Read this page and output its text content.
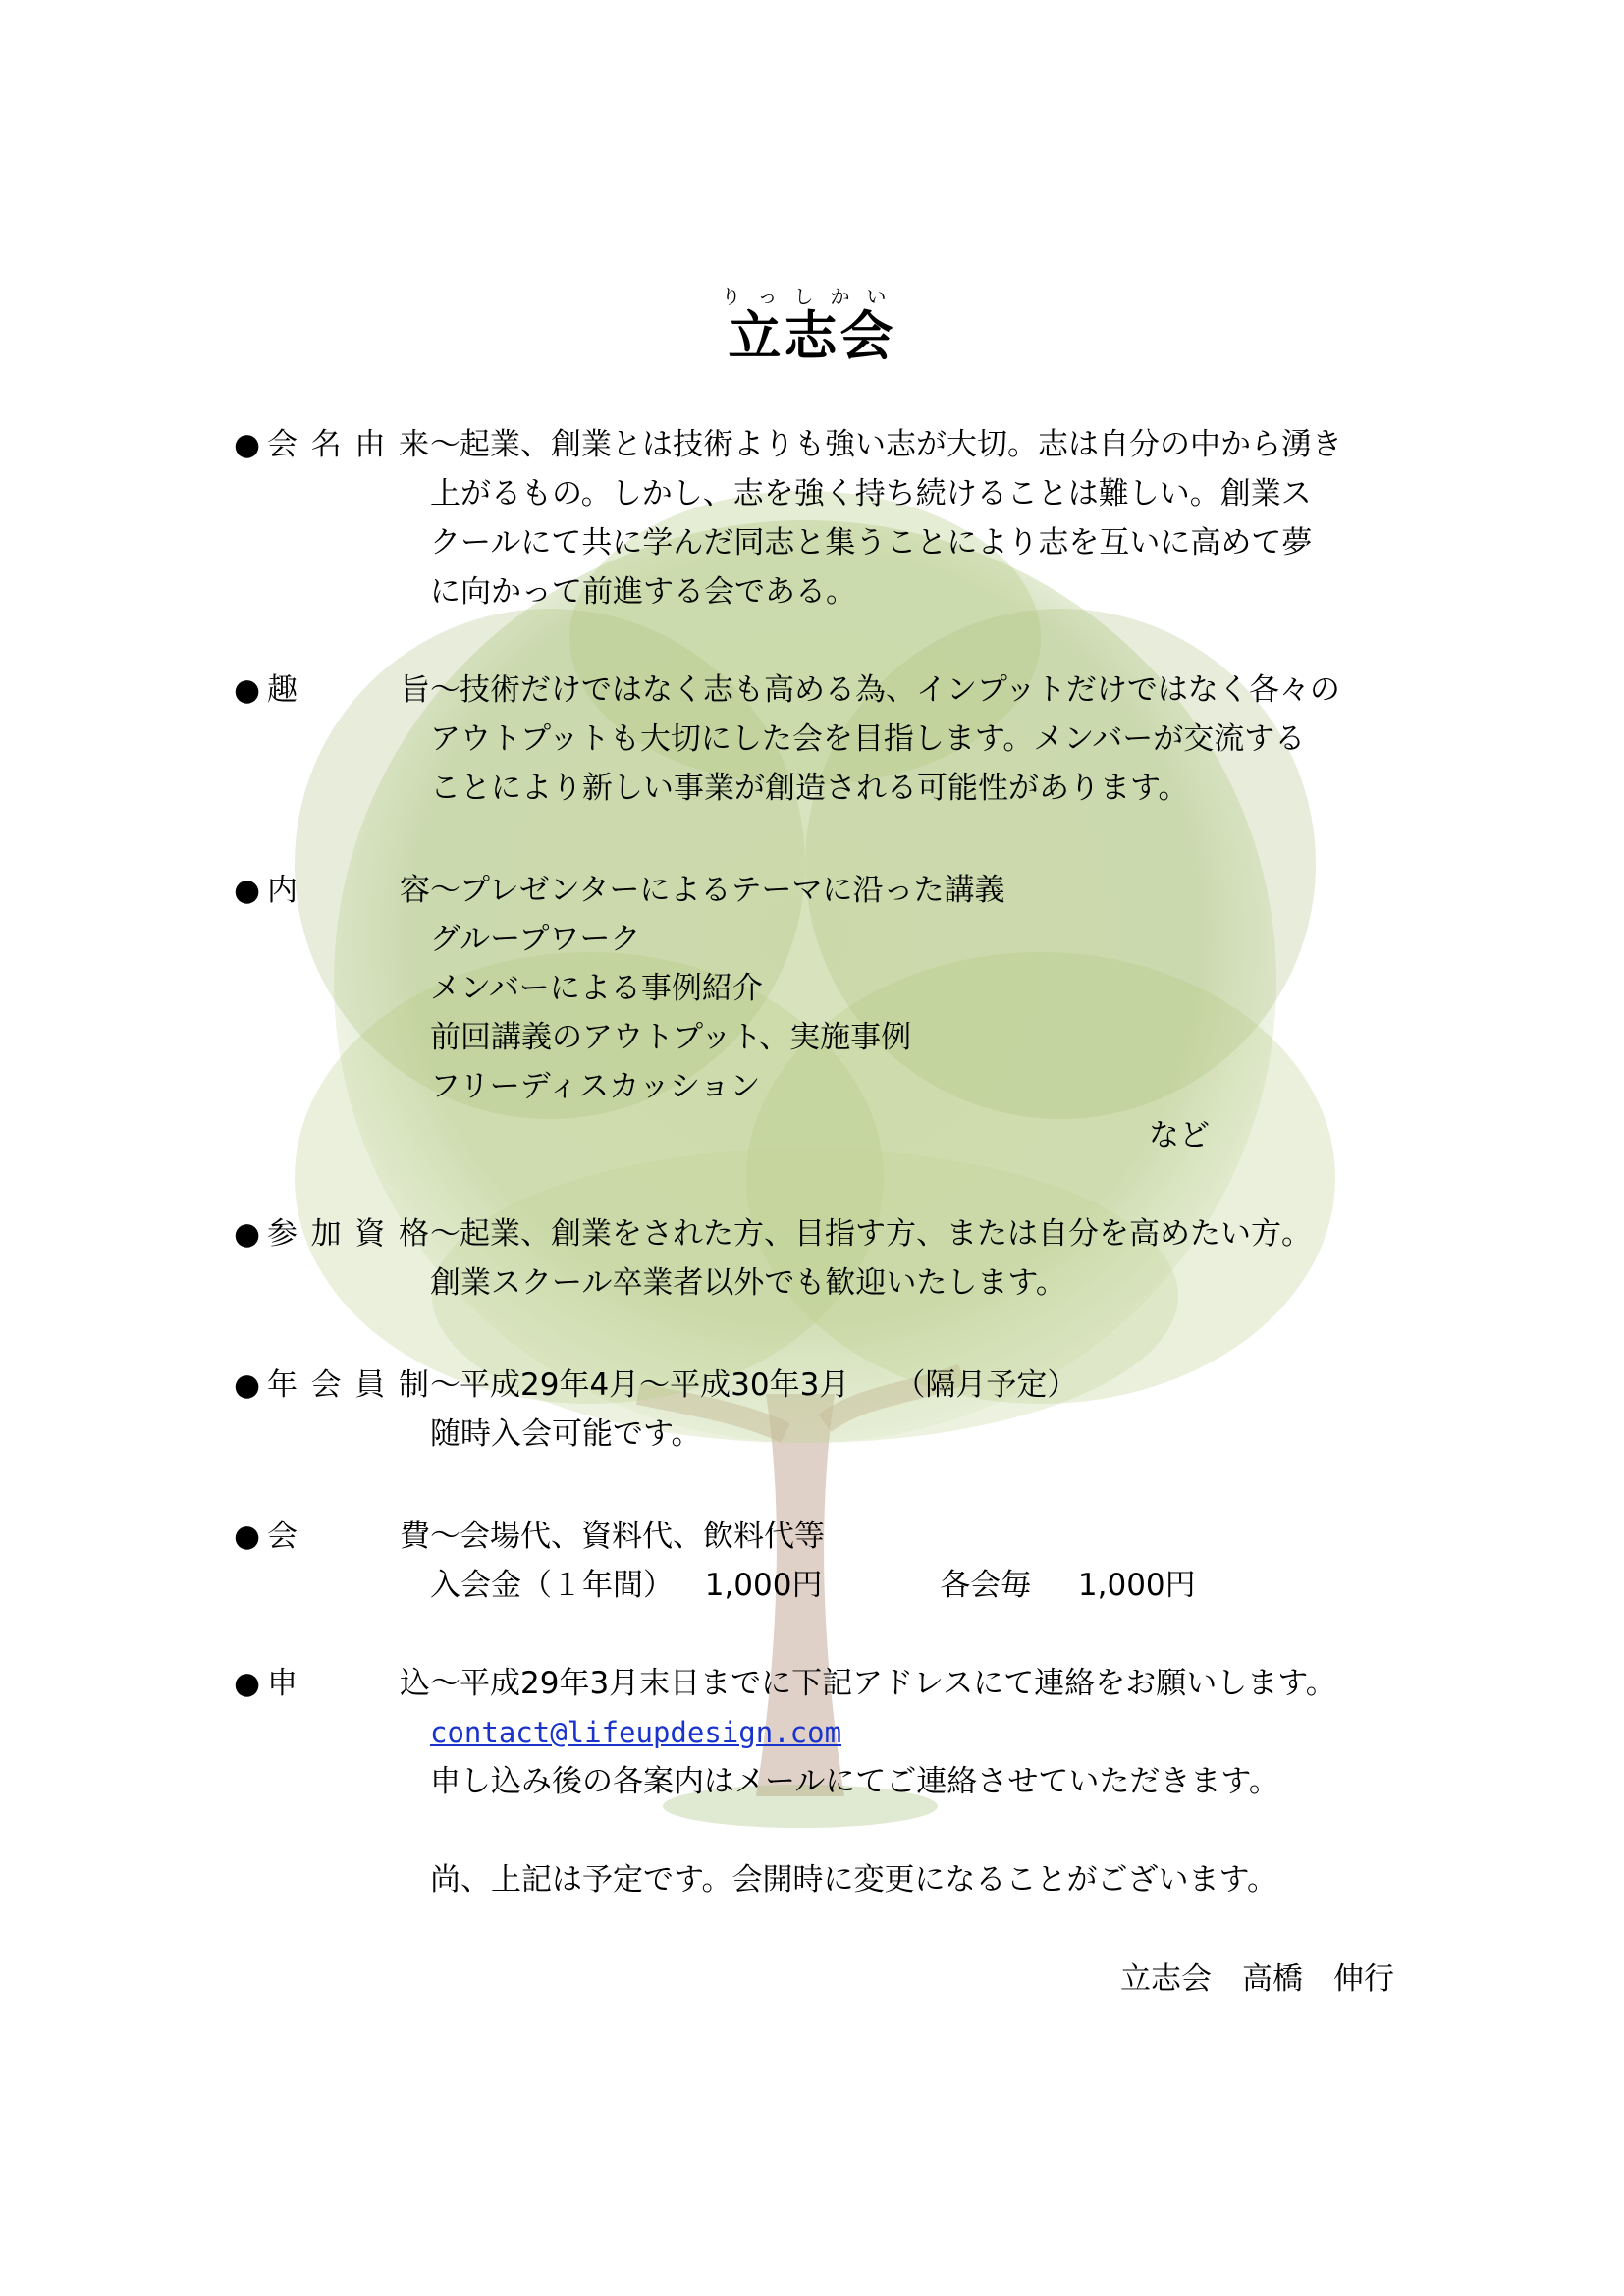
りっしかい
立志会
● 会 名 由 来 ～ 起業、創業とは技術よりも強い志が大切。志は自分の中から湧き
上がるもの。しかし、志を強く持ち続けることは難しい。創業ス
クールにて共に学んだ同志と集うことにより志を互いに高めて夢
に向かって前進する会である。
● 趣	旨 ～ 技術だけではなく志も高める為、インプットだけではなく各々の
アウトプットも大切にした会を目指します。メンバーが交流する
ことにより新しい事業が創造される可能性があります。
● 内	容 ～ プレゼンターによるテーマに沿った講義
グループワーク
メンバーによる事例紹介
前回講義のアウトプット、実施事例
フリーディスカッション
など
● 参 加 資 格 ～ 起業、創業をされた方、目指す方、または自分を高めたい方。
創業スクール卒業者以外でも歓迎いたします。
● 年 会 員 制 ～ 平成29年4月～平成30年3月 （隔月予定）
随時入会可能です。
● 会	費 ～ 会場代、資料代、飲料代等
入会金（１年間） 1,000円	各会毎 1,000円
● 申	込 ～ 平成29年3月末日までに下記アドレスにて連絡をお願いします。
contact@lifeupdesign.com
申し込み後の各案内はメールにてご連絡させていただきます。
尚、上記は予定です。会開時に変更になることがございます。
立志会　高橋　伸行
